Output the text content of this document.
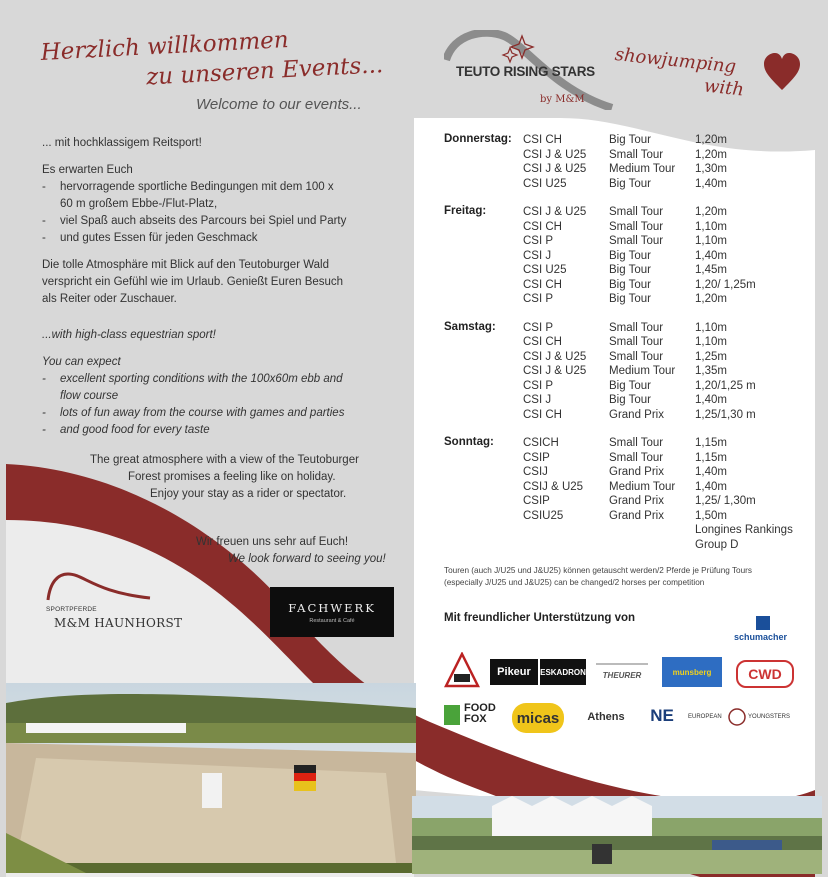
Herzlich willkommen
zu unseren Events...
Welcome to our events...

... mit hochklassigem Reitsport!

Es erwarten Euch

- hervorragende sportliche Bedingungen mit dem 100 x 60 m großem Ebbe-/Flut-Platz,
- viel Spaß auch abseits des Parcours bei Spiel und Party
- und gutes Essen für jeden Geschmack

Die tolle Atmosphäre mit Blick auf den Teutoburger Wald verspricht ein Gefühl wie im Urlaub. Genießt Euren Besuch als Reiter oder Zuschauer.

...with high-class equestrian sport!

You can expect

- excellent sporting conditions with the 100x60m ebb and flow course
- lots of fun away from the course with games and parties
- and good food for every taste
The great atmosphere with a view of the Teutoburger
Forest promises a feeling like on holiday.
Enjoy your stay as a rider or spectator.
Wir freuen uns sehr auf Euch!
We look forward to seeing you!
SPORTPFERDE
M&M HAUNHORST
FACHWERK
Restaurant & Café
TEUTO RISING STARS
by M&M
showjumping
with
Donnerstag: CSI CH	Big Tour	1,20m
CSI J & U25 Small Tour	1,20m
CSI J & U25 Medium Tour 1,30m
CSI U25	Big Tour	1,40m
Freitag:	CSI J & U25 Small Tour	1,20m
CSI CH	Small Tour	1,10m
CSI P	Small Tour	1,10m
CSI J	Big Tour	1,40m
CSI U25	Big Tour	1,45m
CSI CH	Big Tour	1,20/ 1,25m
CSI P	Big Tour	1,20m
Samstag: CSI P	Small Tour	1,10m
CSI CH	Small Tour	1,10m
CSI J & U25 Small Tour	1,25m
CSI J & U25 Medium Tour 1,35m
CSI P	Big Tour	1,20/1,25 m
CSI J	Big Tour	1,40m
CSI CH	Grand Prix	1,25/1,30 m
Sonntag:	CSICH	Small Tour	1,15m
CSIP	Small Tour	1,15m
CSIJ	Grand Prix	1,40m
CSIJ & U25 Medium Tour 1,40m
CSIP	Grand Prix	1,25/ 1,30m
CSIU25	Grand Prix	1,50m
Longines Rankings
Group D
Touren (auch J/U25 und J&U25) können getauscht werden/2 Pferde je Prüfung Tours
(especially J/U25 und J&U25) can be changed/2 horses per competition
Mit freundlicher Unterstützung von
schumacher
Pikeur	ESKADRON	THEURER	munsberg	CWD
FOOD
FOX	micas	Athens	NE	EUROPEAN	YOUNGSTERS
